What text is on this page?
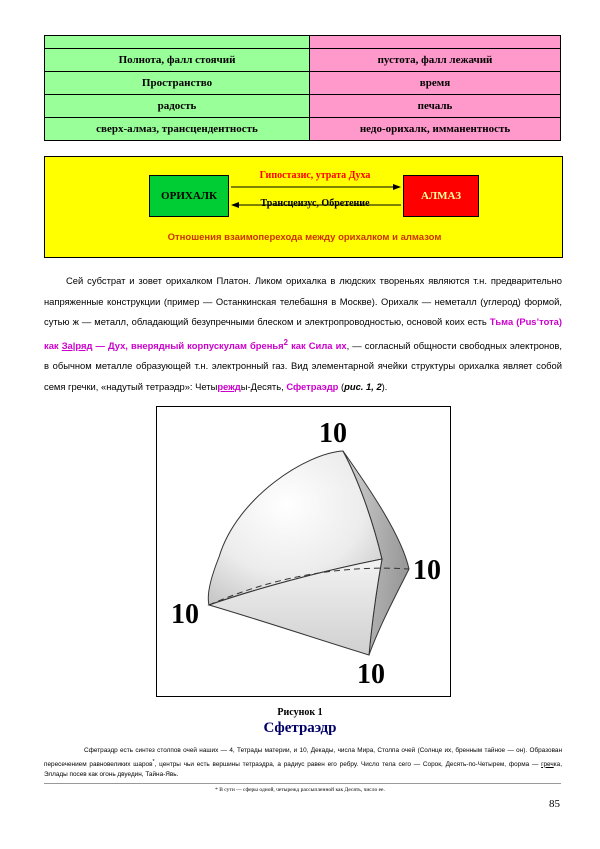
Полнота, фалл стоячий	пустота, фалл лежачий
Пространство	время
радость	печаль
сверх-алмаз, трансцендентность	недо-орихалк, имманентность
ОРИХАЛК	АЛМАЗ
Гипостазис, утрата Духа
Трансцеизус, Обретение
Отношения взаимоперехода между орихалком и алмазом

Сей субстрат и зовет орихалком Платон. Ликом орихалка в людских твореньях являются т.н. предварительно напряженные конструкции (пример — Останкинская телебашня в Москве). Орихалк — неметалл (углерод) формой, сутью ж — металл, обладающий безупречными блеском и электропроводностью, основой коих есть Тьма (Pus’тота) как За|ряд — Дух, внерядный корпускулам бренья$^2$ как Сила их, — согласный общности свободных электронов, в обычном металле образующей т.н. электронный газ. Вид элементарной ячейки структуры орихалка являет собой семя гречки, «надутый тетраэдр»: Четырежды-Десять, Сфетраэдр (рис. 1, 2).

10
10
10
10
Рисунок 1
Сфетраэдр

Сфетраэдр есть синтез столпов очей наших — 4, Тетрады материи, и 10, Декады, числа Мира, Столпа очей (Солнце их, бренным тайное — он). Образован пересечением равновеликих шаров*, центры чьи есть вершины тетраэдра, а радиус равен его ребру. Число тела сего — Сорок, Десять-по-Четырем, форма — гречка, Эллады посев как огонь двуедин, Тайна-Явь.

* В сути — сферы одной, четырежд рассыпленной как Десять, число ее.
85
